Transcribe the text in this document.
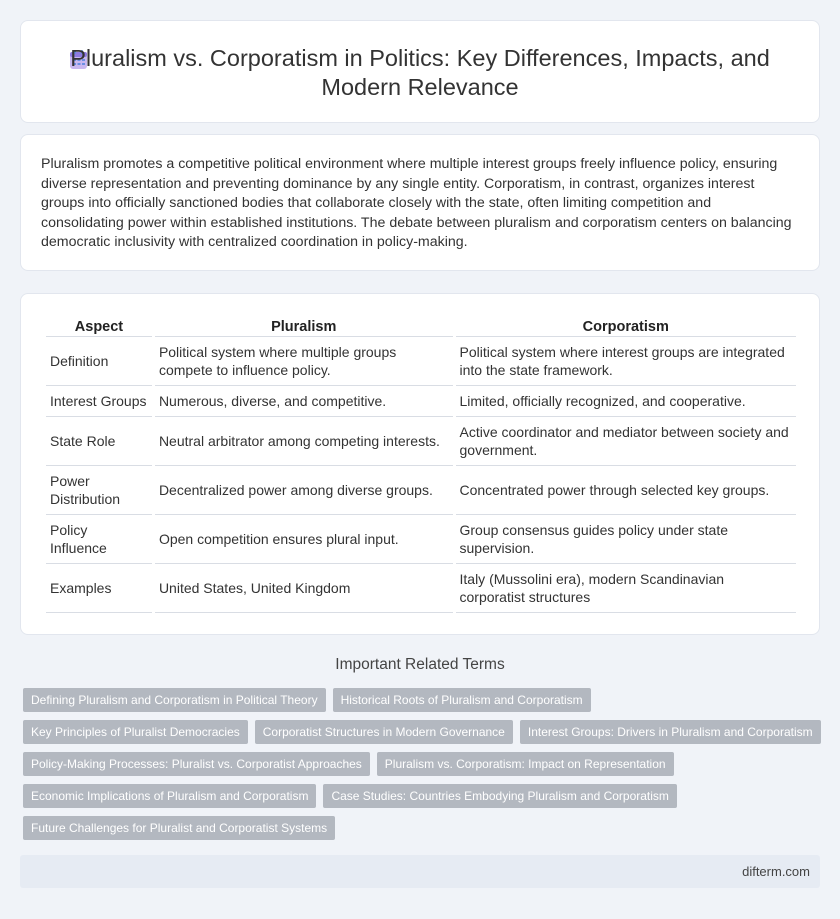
Pluralism vs. Corporatism in Politics: Key Differences, Impacts, and Modern Relevance

Pluralism promotes a competitive political environment where multiple interest groups freely influence policy, ensuring diverse representation and preventing dominance by any single entity. Corporatism, in contrast, organizes interest groups into officially sanctioned bodies that collaborate closely with the state, often limiting competition and consolidating power within established institutions. The debate between pluralism and corporatism centers on balancing democratic inclusivity with centralized coordination in policy-making.

Aspect	Pluralism	Corporatism
Definition	Political system where multiple groups compete to influence policy.	Political system where interest groups are integrated into the state framework.
Interest Groups	Numerous, diverse, and competitive.	Limited, officially recognized, and cooperative.
State Role	Neutral arbitrator among competing interests.	Active coordinator and mediator between society and government.
Power Distribution	Decentralized power among diverse groups.	Concentrated power through selected key groups.
Policy Influence	Open competition ensures plural input.	Group consensus guides policy under state supervision.
Examples	United States, United Kingdom	Italy (Mussolini era), modern Scandinavian corporatist structures
Important Related Terms
Defining Pluralism and Corporatism in Political Theory	Historical Roots of Pluralism and Corporatism
Key Principles of Pluralist Democracies	Corporatist Structures in Modern Governance	Interest Groups: Drivers in Pluralism and Corporatism
Policy-Making Processes: Pluralist vs. Corporatist Approaches	Pluralism vs. Corporatism: Impact on Representation
Economic Implications of Pluralism and Corporatism	Case Studies: Countries Embodying Pluralism and Corporatism
Future Challenges for Pluralist and Corporatist Systems
difterm.com
